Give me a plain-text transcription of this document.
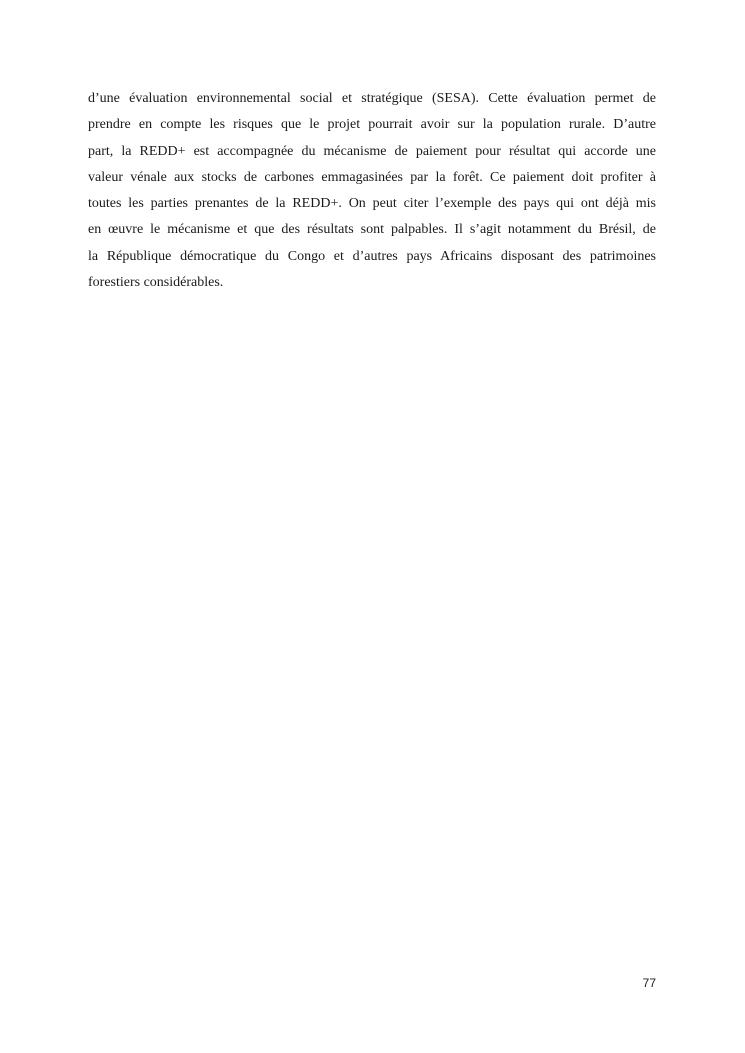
d’une évaluation environnemental social et stratégique (SESA). Cette évaluation permet de
prendre en compte les risques que le projet pourrait avoir sur la population rurale. D’autre
part, la REDD+ est accompagnée du mécanisme de paiement pour résultat qui accorde une
valeur vénale aux stocks de carbones emmagasinées par la forêt. Ce paiement doit profiter à
toutes les parties prenantes de la REDD+. On peut citer l’exemple des pays qui ont déjà mis
en œuvre le mécanisme et que des résultats sont palpables. Il s’agit notamment du Brésil, de
la République démocratique du Congo et d’autres pays Africains disposant des patrimoines
forestiers considérables.
77
